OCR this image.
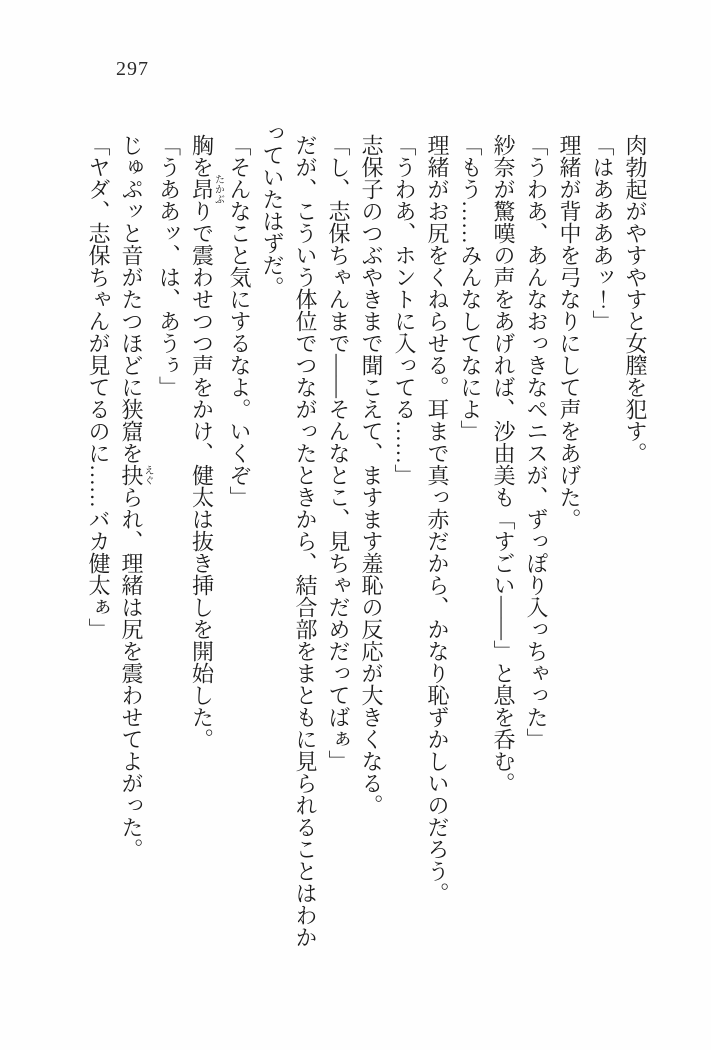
297

肉勃起がやすやすと女膣を犯す。

「はああああッ！」

理緒が背中を弓なりにして声をあげた。

「うわあ、あんなおっきなペニスが、ずっぽり入っちゃった」

紗奈が驚嘆の声をあげれば、沙由美も「すごい――」と息を呑む。

「もう……みんなしてなによ」

理緒がお尻をくねらせる。耳まで真っ赤だから、かなり恥ずかしいのだろう。

「うわあ、ホントに入ってる……」

志保子のつぶやきまで聞こえて、ますます羞恥の反応が大きくなる。

「し、志保ちゃんまで――そんなとこ、見ちゃだめだってばぁ」

だが、こういう体位でつながったときから、結合部をまともに見られることはわかっていたはずだ。

「そんなこと気にするなよ。いくぞ」

胸を昂たかぶりで震わせつつ声をかけ、健太は抜き挿しを開始した。

「うああッ、は、あうぅ」

じゅぷッと音がたつほどに狭窟を抉えぐられ、理緒は尻を震わせてよがった。

「ヤダ、志保ちゃんが見てるのに……バカ健太ぁ」
